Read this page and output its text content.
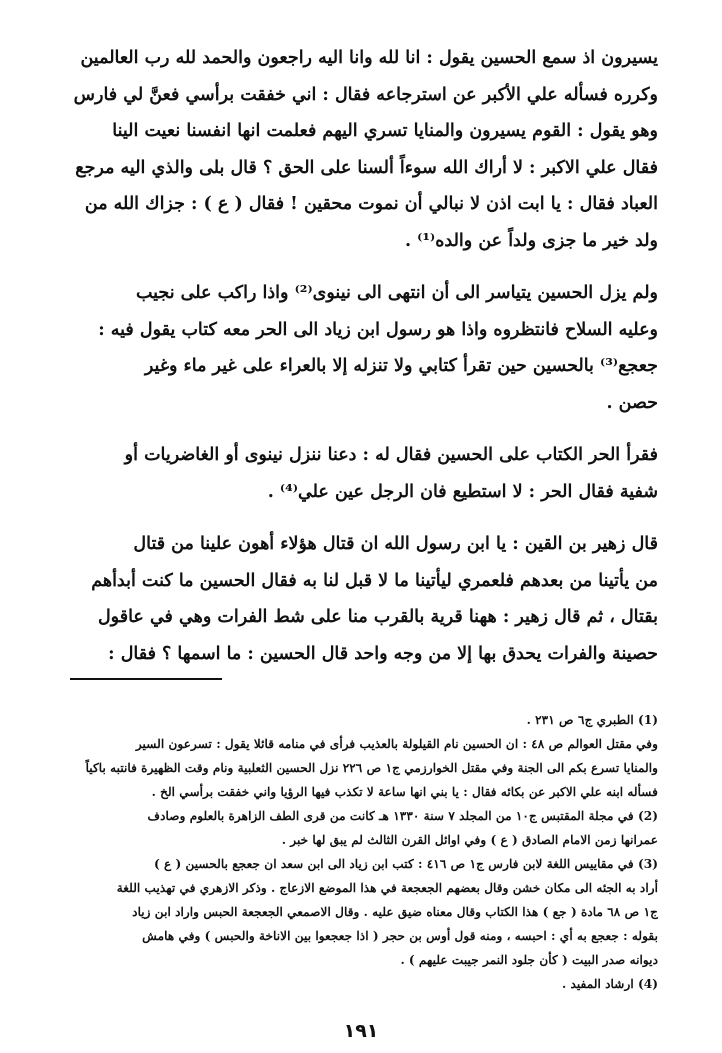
يسيرون اذ سمع الحسين يقول : انا لله وانا اليه راجعون والحمد لله رب العالمين
وكرره فسأله علي الأكبر عن استرجاعه فقال : اني خفقت برأسي فعنَّ لي فارس
وهو يقول : القوم يسيرون والمنايا تسري اليهم فعلمت انها انفسنا نعيت الينا
فقال علي الاكبر : لا أراك الله سوءاً ألسنا على الحق ؟ قال بلى والذي اليه مرجع
العباد فقال : يا ابت اذن لا نبالي أن نموت محقين ! فقال ( ع ) : جزاك الله من
ولد خير ما جزى ولداً عن والده⁽¹⁾ .

ولم يزل الحسين يتياسر الى أن انتهى الى نينوى⁽²⁾ واذا راكب على نجيب
وعليه السلاح فانتظروه واذا هو رسول ابن زياد الى الحر معه كتاب يقول فيه :
جعجع⁽³⁾ بالحسين حين تقرأ كتابي ولا تنزله إلا بالعراء على غير ماء وغير
حصن .

فقرأ الحر الكتاب على الحسين فقال له : دعنا ننزل نينوى أو الغاضريات أو
شفية فقال الحر : لا استطيع فان الرجل عين علي⁽⁴⁾ .

قال زهير بن القين : يا ابن رسول الله ان قتال هؤلاء أهون علينا من قتال
من يأتينا من بعدهم فلعمري ليأتينا ما لا قبل لنا به فقال الحسين ما كنت أبدأهم
بقتال ، ثم قال زهير : ههنا قرية بالقرب منا على شط الفرات وهي في عاقول
حصينة والفرات يحدق بها إلا من وجه واحد قال الحسين : ما اسمها ؟ فقال :

(1) الطبري ج٦ ص ٢٣١ .

وفي مقتل العوالم ص ٤٨ : ان الحسين نام القيلولة بالعذيب فرأى في منامه قائلا يقول : تسرعون السير

والمنايا تسرع بكم الى الجنة وفي مقتل الخوارزمي ج١ ص ٢٢٦ نزل الحسين الثعلبية ونام وقت الظهيرة فانتبه باكياً

فسأله ابنه علي الاكبر عن بكائه فقال : يا بني انها ساعة لا تكذب فيها الرؤيا واني خفقت برأسي الخ .

(2) في مجلة المقتبس ج١٠ من المجلد ٧ سنة ١٣٣٠ هـ كانت من قرى الطف الزاهرة بالعلوم وصادف

عمرانها زمن الامام الصادق ( ع ) وفي اوائل القرن الثالث لم يبق لها خبر .

(3) في مقاييس اللغة لابن فارس ج١ ص ٤١٦ : كتب ابن زياد الى ابن سعد ان جعجع بالحسين ( ع )

أراد به الجئه الى مكان خشن وقال بعضهم الجعجعة في هذا الموضع الازعاج . وذكر الازهري في تهذيب اللغة

ج١ ص ٦٨ مادة ( جع ) هذا الكتاب وقال معناه ضيق عليه . وقال الاصمعي الجعجعة الحبس واراد ابن زياد

بقوله : جعجع به أي : احبسه ، ومنه قول أوس بن حجر ( اذا جعجعوا بين الاناخة والحبس ) وفي هامش

ديوانه صدر البيت ( كأن جلود النمر جيبت عليهم ) .

(4) ارشاد المفيد .

١٩١
